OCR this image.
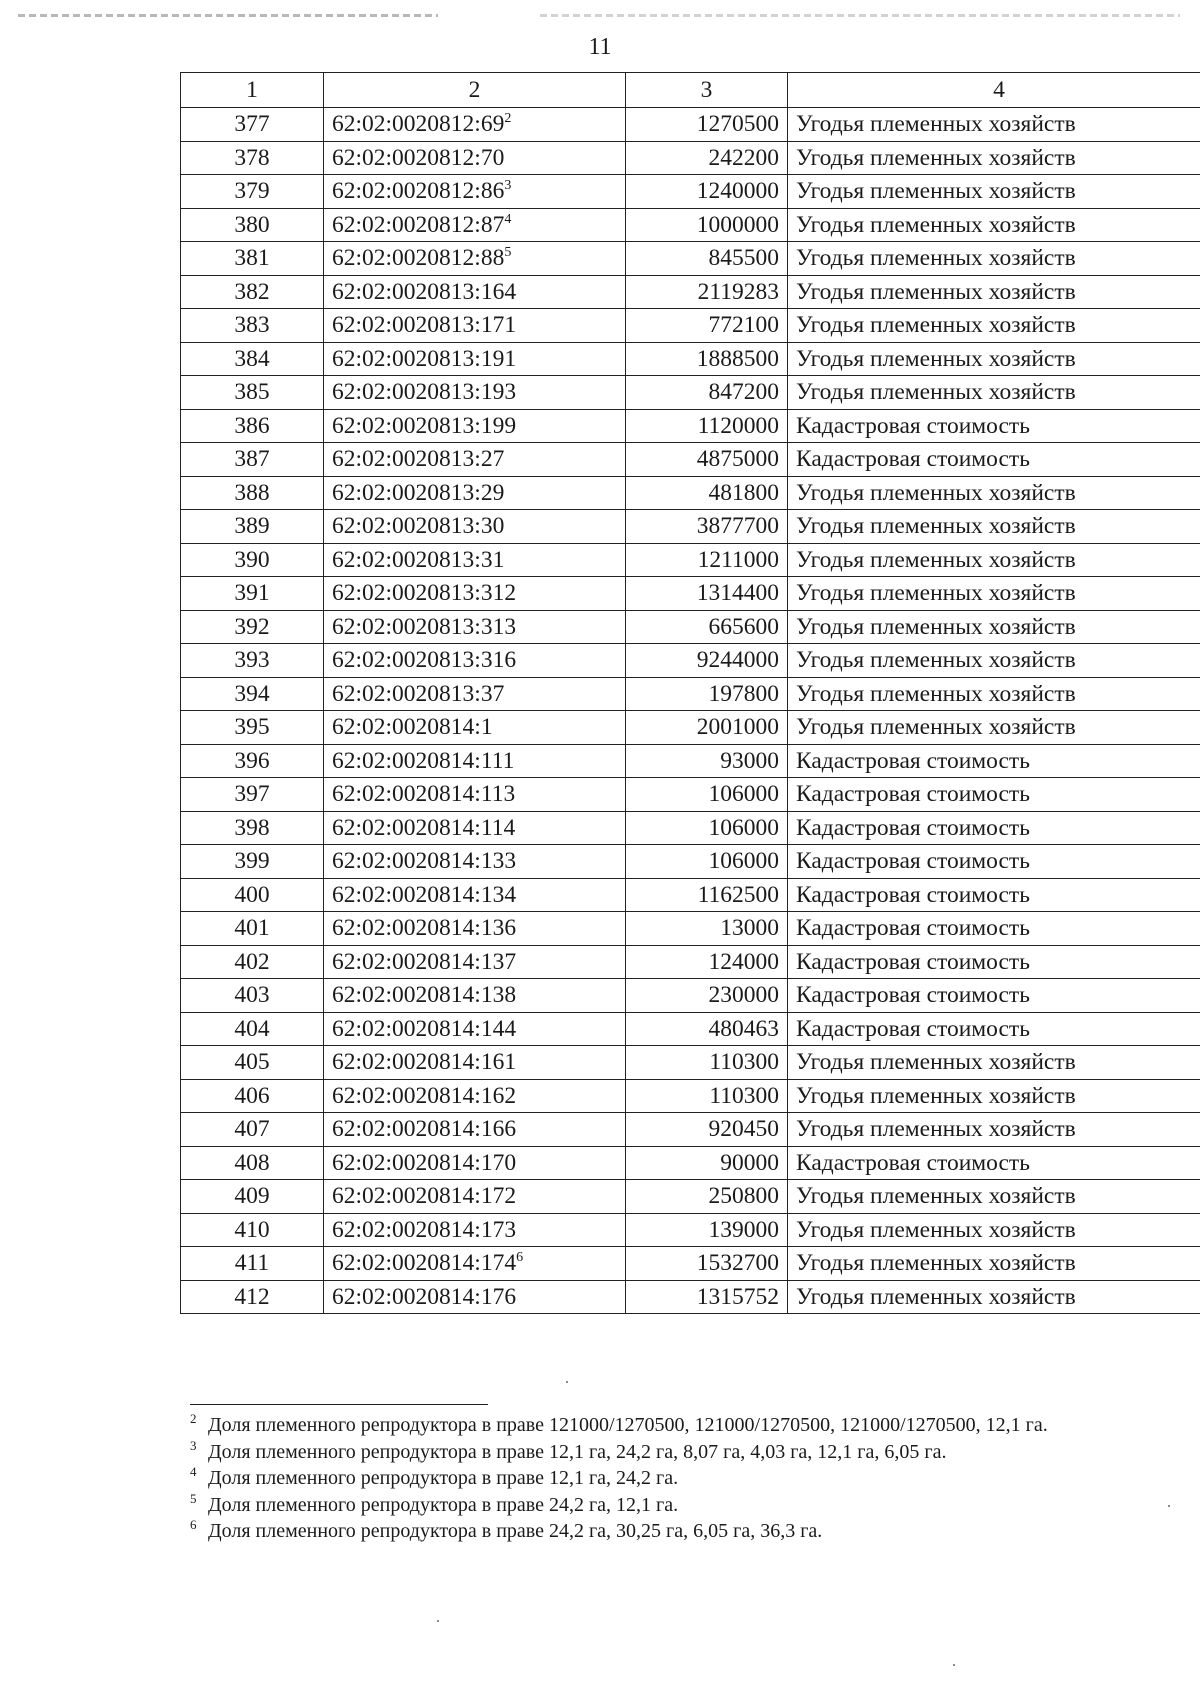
11
1	2	3	4
377	$62:02:0020812:69^2$	1270500	Угодья племенных хозяйств
378	62:02:0020812:70	242200	Угодья племенных хозяйств
379	$62:02:0020812:86^3$	1240000	Угодья племенных хозяйств
380	$62:02:0020812:87^4$	1000000	Угодья племенных хозяйств
381	$62:02:0020812:88^5$	845500	Угодья племенных хозяйств
382	62:02:0020813:164	2119283	Угодья племенных хозяйств
383	62:02:0020813:171	772100	Угодья племенных хозяйств
384	62:02:0020813:191	1888500	Угодья племенных хозяйств
385	62:02:0020813:193	847200	Угодья племенных хозяйств
386	62:02:0020813:199	1120000	Кадастровая стоимость
387	62:02:0020813:27	4875000	Кадастровая стоимость
388	62:02:0020813:29	481800	Угодья племенных хозяйств
389	62:02:0020813:30	3877700	Угодья племенных хозяйств
390	62:02:0020813:31	1211000	Угодья племенных хозяйств
391	62:02:0020813:312	1314400	Угодья племенных хозяйств
392	62:02:0020813:313	665600	Угодья племенных хозяйств
393	62:02:0020813:316	9244000	Угодья племенных хозяйств
394	62:02:0020813:37	197800	Угодья племенных хозяйств
395	62:02:0020814:1	2001000	Угодья племенных хозяйств
396	62:02:0020814:111	93000	Кадастровая стоимость
397	62:02:0020814:113	106000	Кадастровая стоимость
398	62:02:0020814:114	106000	Кадастровая стоимость
399	62:02:0020814:133	106000	Кадастровая стоимость
400	62:02:0020814:134	1162500	Кадастровая стоимость
401	62:02:0020814:136	13000	Кадастровая стоимость
402	62:02:0020814:137	124000	Кадастровая стоимость
403	62:02:0020814:138	230000	Кадастровая стоимость
404	62:02:0020814:144	480463	Кадастровая стоимость
405	62:02:0020814:161	110300	Угодья племенных хозяйств
406	62:02:0020814:162	110300	Угодья племенных хозяйств
407	62:02:0020814:166	920450	Угодья племенных хозяйств
408	62:02:0020814:170	90000	Кадастровая стоимость
409	62:02:0020814:172	250800	Угодья племенных хозяйств
410	62:02:0020814:173	139000	Угодья племенных хозяйств
411	$62:02:0020814:174^6$	1532700	Угодья племенных хозяйств
412	62:02:0020814:176	1315752	Угодья племенных хозяйств
2 Доля племенного репродуктора в праве 121000/1270500, 121000/1270500, 121000/1270500, 12,1 га.
3 Доля племенного репродуктора в праве 12,1 га, 24,2 га, 8,07 га, 4,03 га, 12,1 га, 6,05 га.
4 Доля племенного репродуктора в праве 12,1 га, 24,2 га.
5 Доля племенного репродуктора в праве 24,2 га, 12,1 га.
6 Доля племенного репродуктора в праве 24,2 га, 30,25 га, 6,05 га, 36,3 га.
